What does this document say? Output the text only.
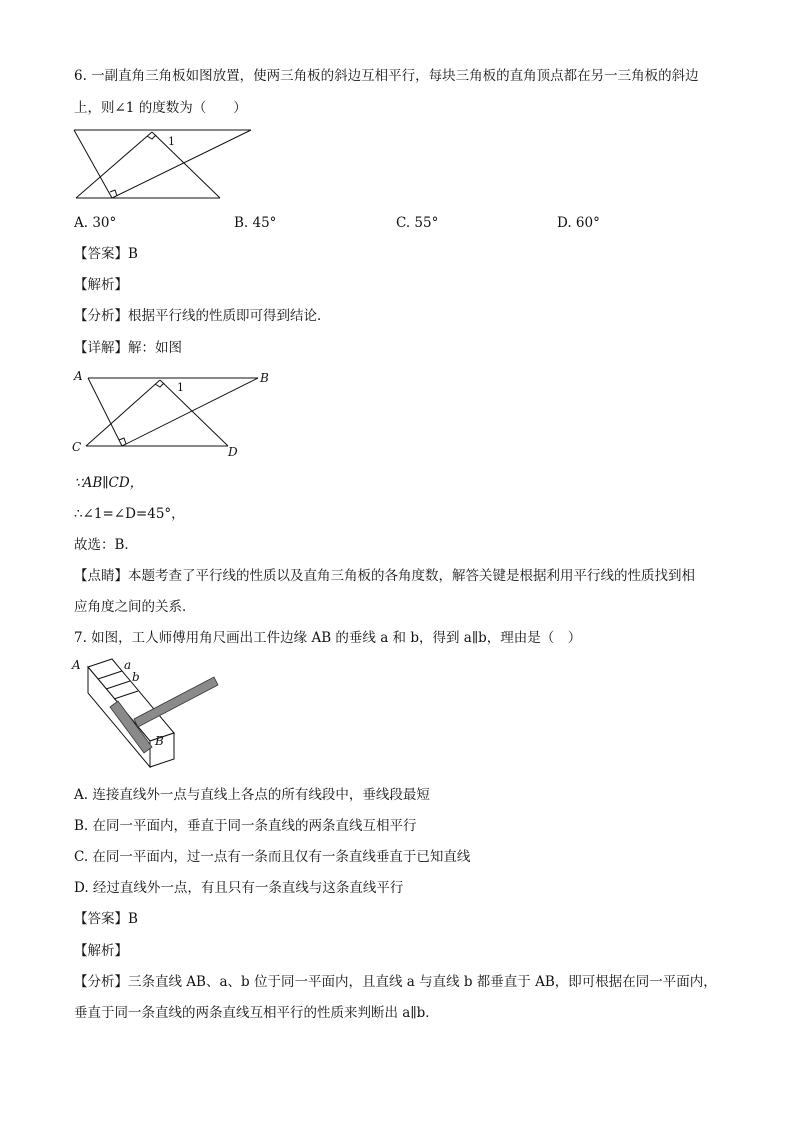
6. 一副直角三角板如图放置，使两三角板的斜边互相平行，每块三角板的直角顶点都在另一三角板的斜边
上，则∠1 的度数为（　　）
1
A. 30°	B. 45°	C. 55°	D. 60°
【答案】B
【解析】
【分析】根据平行线的性质即可得到结论．
【详解】解：如图
A	B
C	D
1
∵AB∥CD，
∴∠1=∠D=45°，
故选：B．
【点睛】本题考查了平行线的性质以及直角三角板的各角度数，解答关键是根据利用平行线的性质找到相
应角度之间的关系．
7. 如图，工人师傅用角尺画出工件边缘 AB 的垂线 a 和 b，得到 a∥b，理由是（　）
A	a
b
B
A. 连接直线外一点与直线上各点的所有线段中，垂线段最短
B. 在同一平面内，垂直于同一条直线的两条直线互相平行
C. 在同一平面内，过一点有一条而且仅有一条直线垂直于已知直线
D. 经过直线外一点，有且只有一条直线与这条直线平行
【答案】B
【解析】
【分析】三条直线 AB、a、b 位于同一平面内，且直线 a 与直线 b 都垂直于 AB，即可根据在同一平面内，
垂直于同一条直线的两条直线互相平行的性质来判断出 a∥b．
